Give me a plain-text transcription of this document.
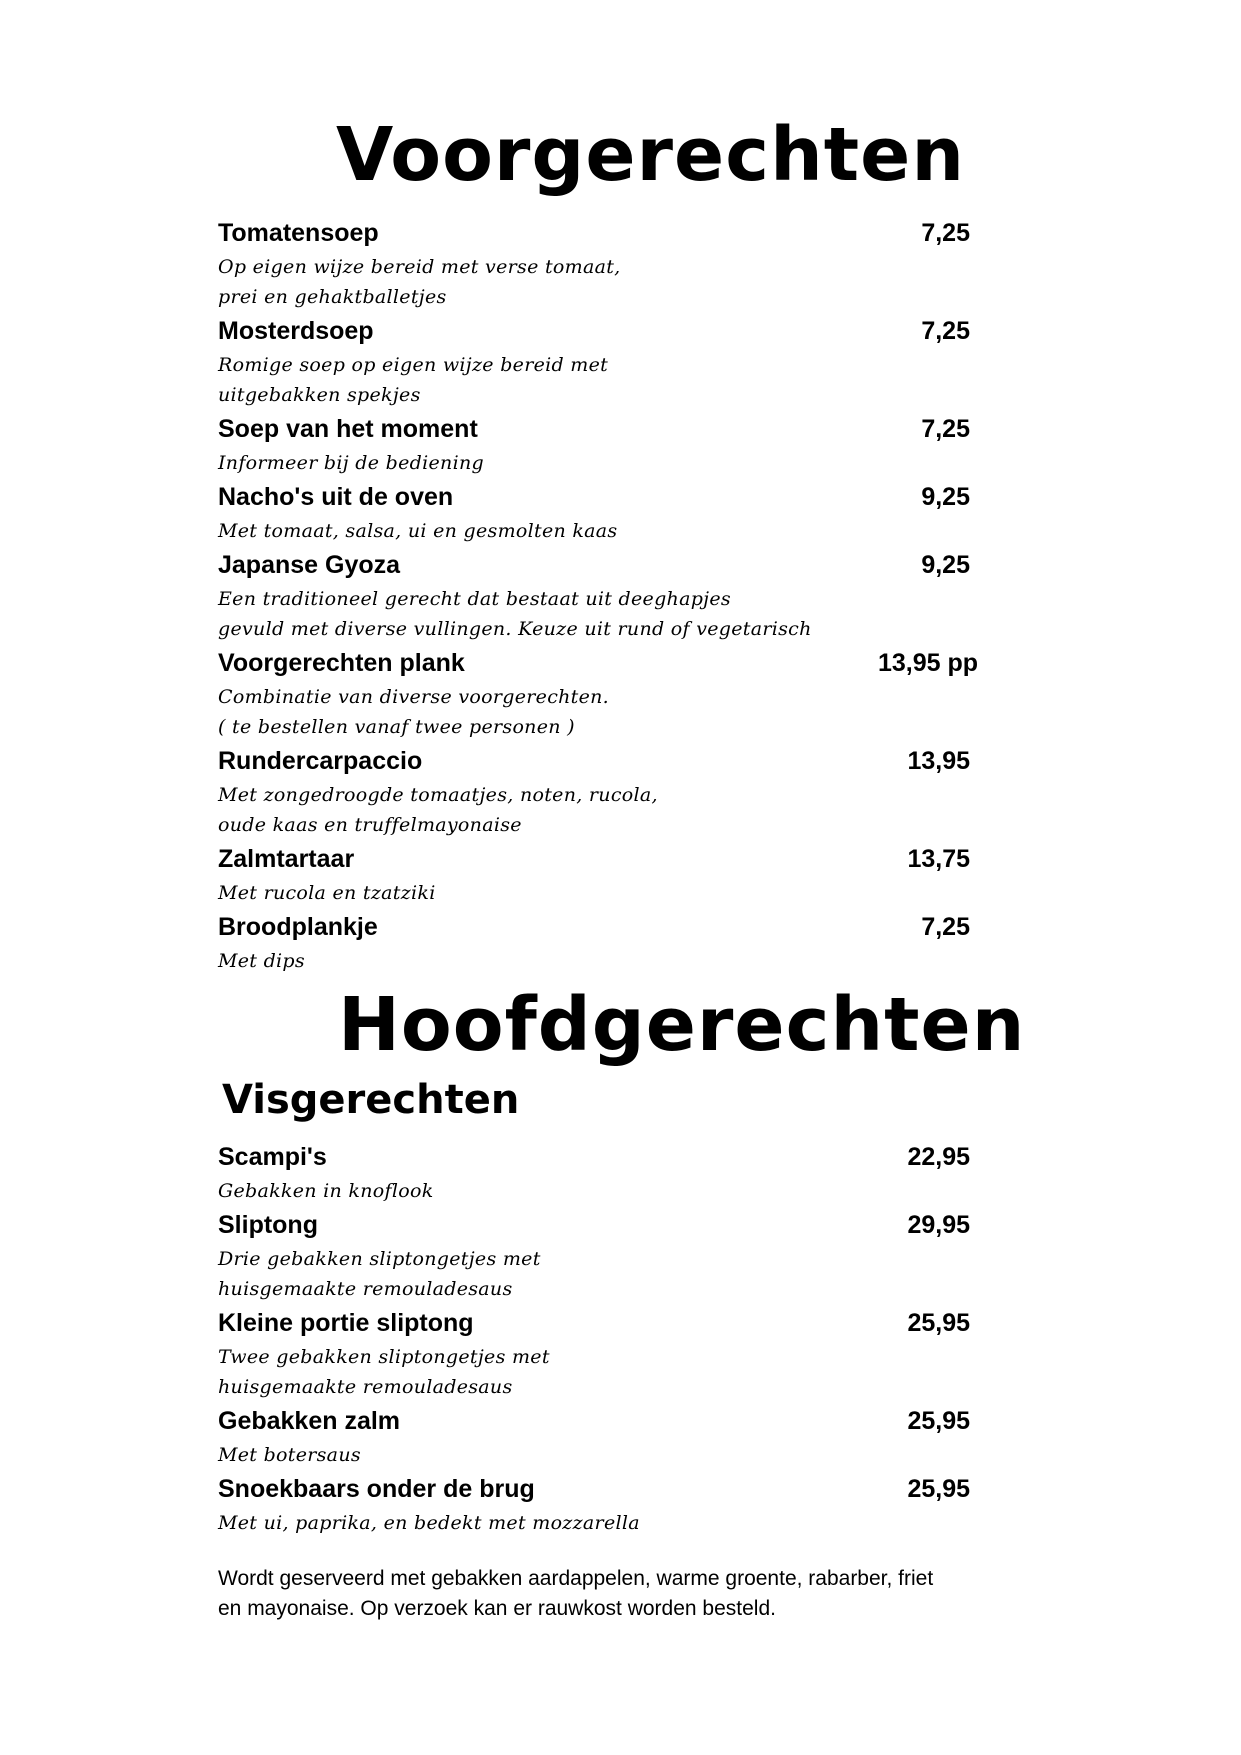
Voorgerechten
Tomatensoep	7,25
Op eigen wijze bereid met verse tomaat,
prei en gehaktballetjes
Mosterdsoep	7,25
Romige soep op eigen wijze bereid met
uitgebakken spekjes
Soep van het moment	7,25
Informeer bij de bediening
Nacho's uit de oven	9,25
Met tomaat, salsa, ui en gesmolten kaas
Japanse Gyoza	9,25
Een traditioneel gerecht dat bestaat uit deeghapjes
gevuld met diverse vullingen. Keuze uit rund of vegetarisch
Voorgerechten plank	13,95 pp
Combinatie van diverse voorgerechten.
( te bestellen vanaf twee personen )
Rundercarpaccio	13,95
Met zongedroogde tomaatjes, noten, rucola,
oude kaas en truffelmayonaise
Zalmtartaar	13,75
Met rucola en tzatziki
Broodplankje	7,25
Met dips
Hoofdgerechten
Visgerechten
Scampi's	22,95
Gebakken in knoflook
Sliptong	29,95
Drie gebakken sliptongetjes met
huisgemaakte remouladesaus
Kleine portie sliptong	25,95
Twee gebakken sliptongetjes met
huisgemaakte remouladesaus
Gebakken zalm	25,95
Met botersaus
Snoekbaars onder de brug	25,95
Met ui, paprika, en bedekt met mozzarella
Wordt geserveerd met gebakken aardappelen, warme groente, rabarber, friet
en mayonaise. Op verzoek kan er rauwkost worden besteld.
